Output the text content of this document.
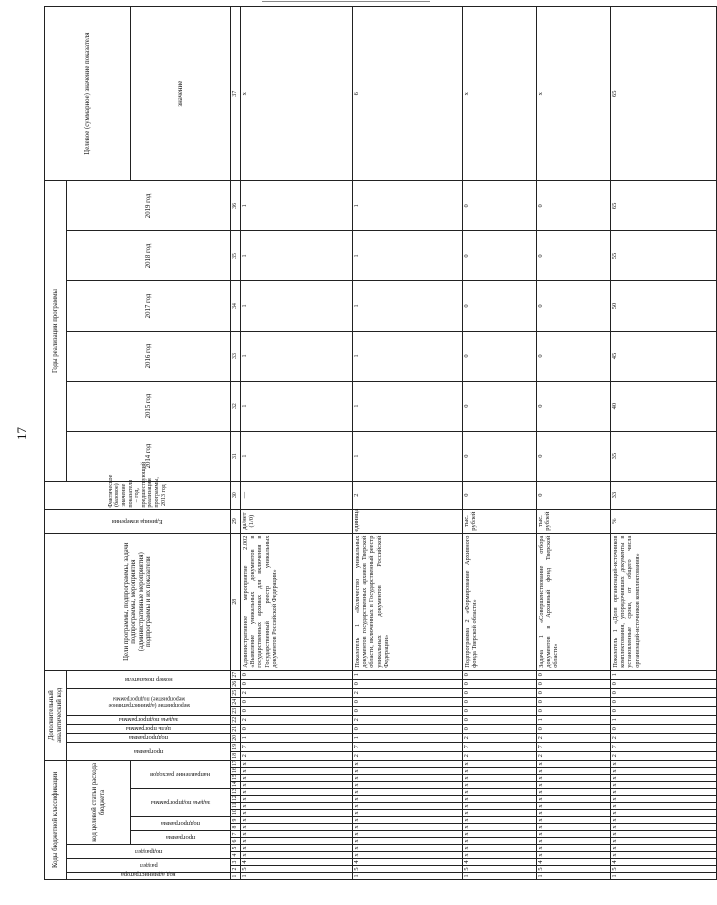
17
Коды бюджетной классификации																	Дополнительный аналитический код										Цели программы, подпрограммы, задачи подпрограммы, мероприятия (административные мероприятия) подпрограммы и их показатели	Единица измерения	Фактическое (базовое) значение показателя – год, предшествующий реализации программы, 2013 год	Годы реализации программы						Целевое (суммарное) значение показателя

код администратора	раздел		подраздел		код целевой статьи расхода бюджета												программа		подпрограмма	цель программы	задача подпрограммы	мероприятие (административное мероприятие) подпрограммы			номер показателя					2014 год	2015 год	2016 год	2017 год	2018 год	2019 год	

					программа		подпрограмма		задача подпрограммы				направление расходов																							значение
1	2	3	4	5	6	7	8	9	10	11	12	13	14	15	16	17	18	19	20	21	22	23	24	25	26	27	28	29	30	31	32	33	34	35	36	37
1	5	4	x	x	x	x	x	x	x	x	x	x	x	x	x	x	2	7	1	0	2	0	0	2	0	0	Административное мероприятие 2.002 «Выявление уникальных документов в государственных архивах для включения в Государственный реестр уникальных документов Российской Федерации»	да/нет (1/0)	—	1	1	1	1	1	1	x
1	5	4	x	x	x	x	x	x	x	x	x	x	x	x	x	x	2	7	1	0	2	0	0	2	0	1	Показатель 1 «Количество уникальных документов государственных архивов Тверской области, включенных в Государственный реестр уникальных документов Российской Федерации»	единица	2	1	1	1	1	1	1	6
1	5	4	x	x	x	x	x	x	x	x	x	x	x	x	x	x	2	7	2	0	0	0	0	0	0	0	Подпрограмма 2 «Формирование Архивного фонда Тверской области»	тыс. рублей	0	0	0	0	0	0	0	x
1	5	4	x	x	x	x	x	x	x	x	x	x	x	x	x	x	2	7	2	0	1	0	0	0	0	0	Задача 1 «Совершенствование отбора документов в Архивный фонд Тверской области»	тыс. рублей	0	0	0	0	0	0	0	x
1	5	4	x	x	x	x	x	x	x	x	x	x	x	x	x	x	2	7	2	0	1	0	0	0	0	1	Показатель 1 «Доля организаций-источников комплектования, упорядочивших документы в установленные сроки, от общего числа организаций-источников комплектования»	%	33	35	40	45	50	55	65	65
